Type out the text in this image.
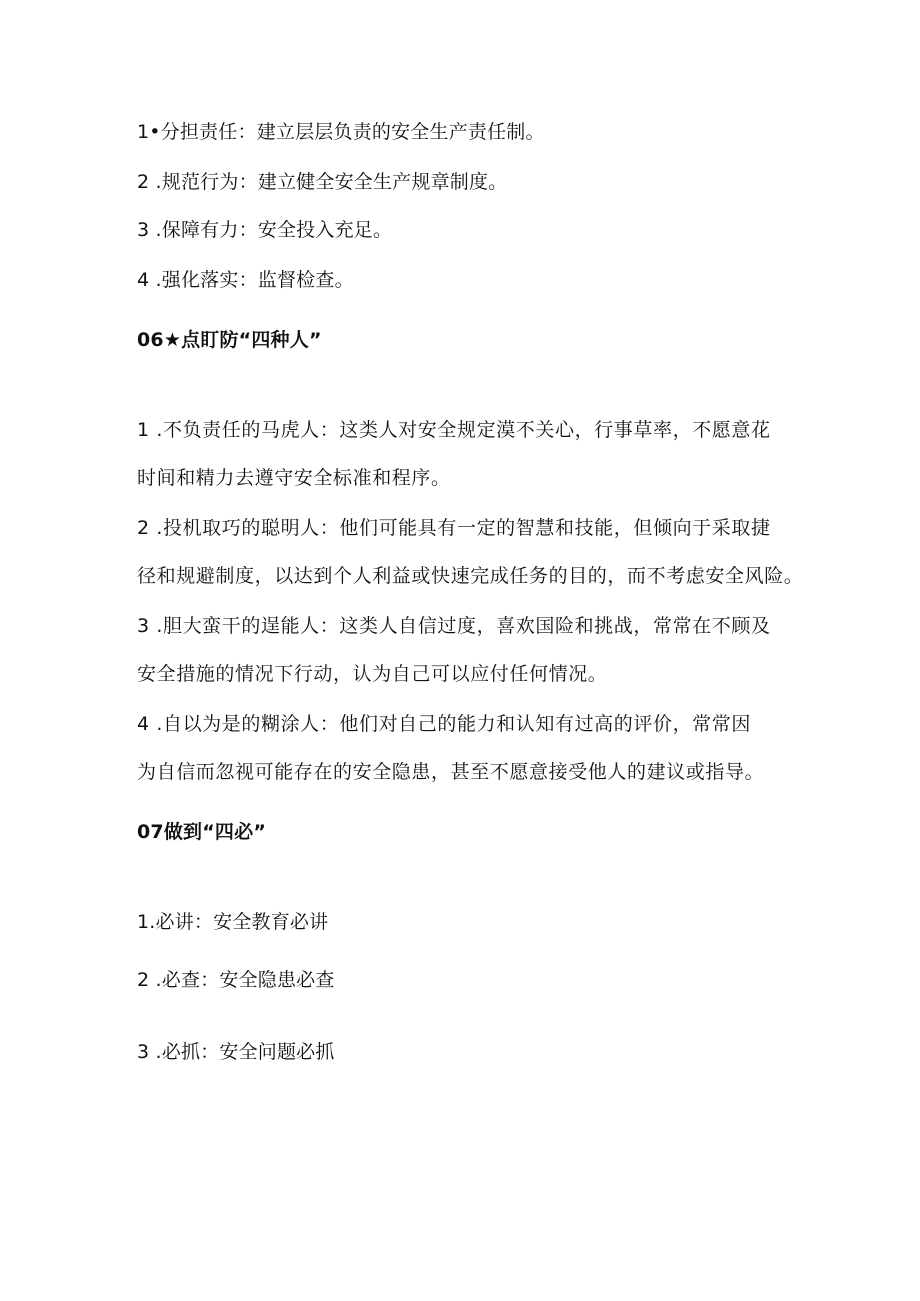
1•分担责任：建立层层负责的安全生产责任制。
2 .规范行为：建立健全安全生产规章制度。
3 .保障有力：安全投入充足。
4 .强化落实：监督检查。
06★点盯防“四种人”
1 .不负责任的马虎人：这类人对安全规定漠不关心，行事草率，不愿意花
时间和精力去遵守安全标准和程序。
2 .投机取巧的聪明人：他们可能具有一定的智慧和技能，但倾向于采取捷
径和规避制度，以达到个人利益或快速完成任务的目的，而不考虑安全风险。
3 .胆大蛮干的逞能人：这类人自信过度，喜欢国险和挑战，常常在不顾及
安全措施的情况下行动，认为自己可以应付任何情况。
4 .自以为是的糊涂人：他们对自己的能力和认知有过高的评价，常常因
为自信而忽视可能存在的安全隐患，甚至不愿意接受他人的建议或指导。
07做到“四必”
1.必讲：安全教育必讲
2 .必查：安全隐患必查
3 .必抓：安全问题必抓
